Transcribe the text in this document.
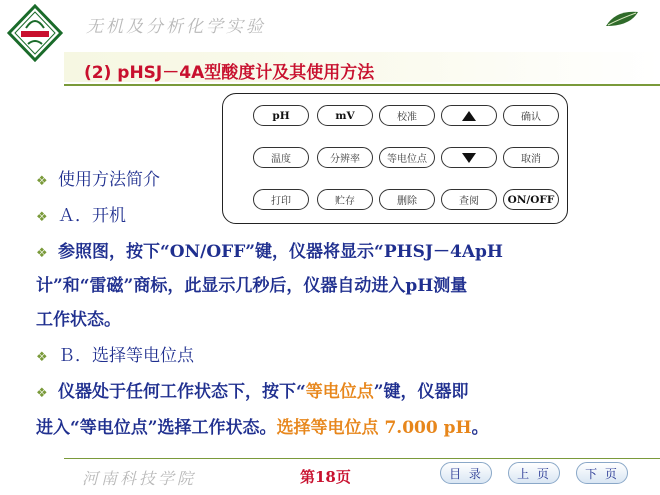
无机及分析化学实验
(2) pHSJ－4A型酸度计及其使用方法
pH	mV	校准	确认
温度	分辨率	等电位点	取消
打印	贮存	删除	查阅	ON/OFF
❖ 使用方法简介
❖ Ａ．开机
❖ 参照图，按下“ON/OFF”键，仪器将显示“PHSJ－4ApH
计”和“雷磁”商标，此显示几秒后，仪器自动进入pH测量
工作状态。
❖ Ｂ．选择等电位点
❖ 仪器处于任何工作状态下，按下“等电位点”键，仪器即
进入“等电位点”选择工作状态。选择等电位点 7.000 pH。
河南科技学院	第18页	目 录	上 页	下 页
